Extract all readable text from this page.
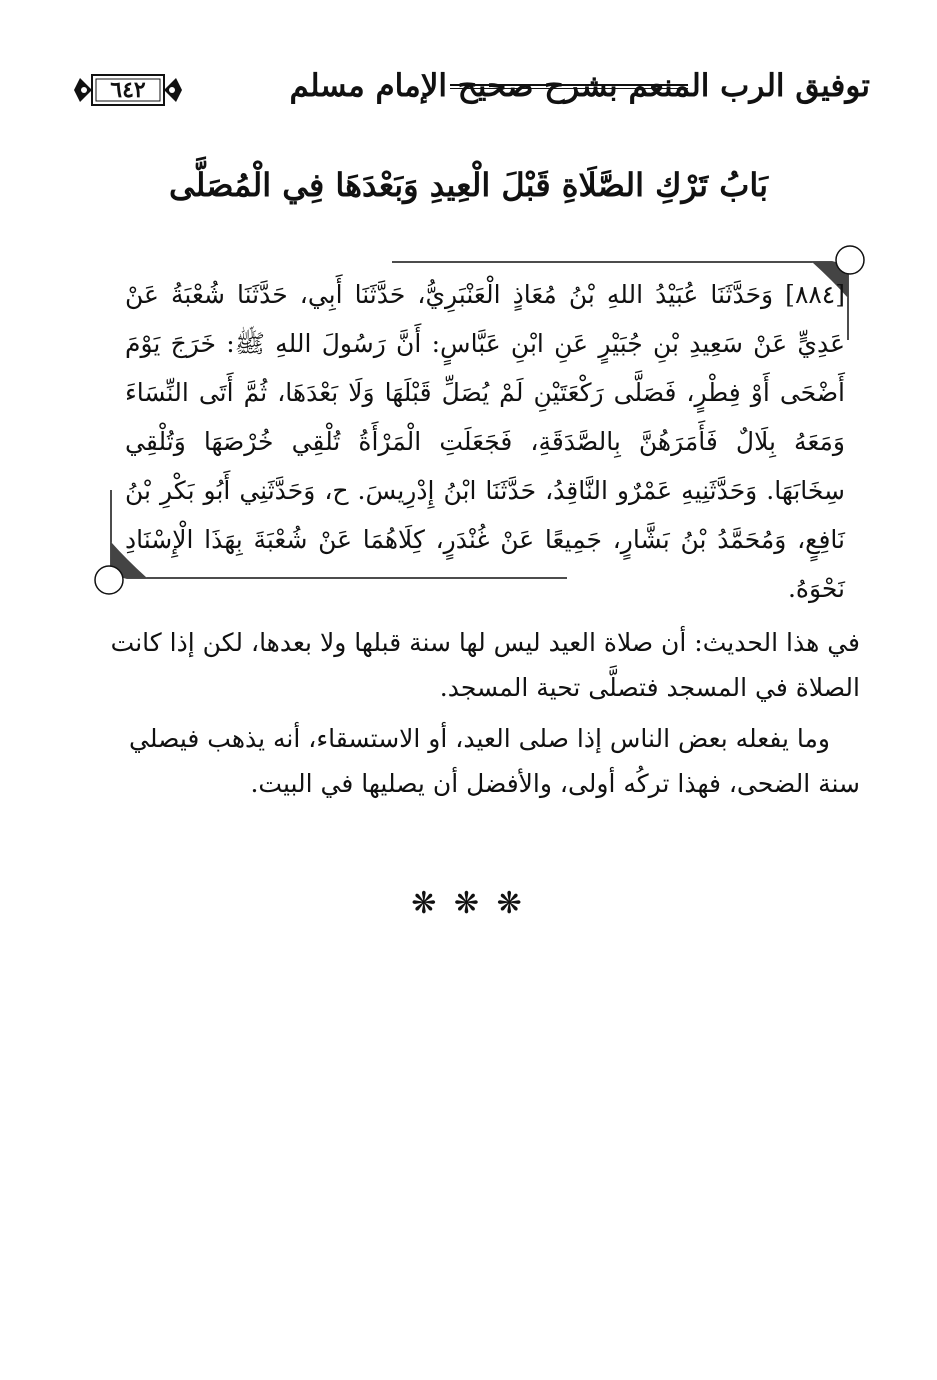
توفيق الرب المنعم بشرح صحيح الإمام مسلم
٦٤٢
بَابُ تَرْكِ الصَّلَاةِ قَبْلَ الْعِيدِ وَبَعْدَهَا فِي الْمُصَلَّى
[٨٨٤] وَحَدَّثَنَا عُبَيْدُ اللهِ بْنُ مُعَاذٍ الْعَنْبَرِيُّ، حَدَّثَنَا أَبِي، حَدَّثَنَا شُعْبَةُ عَنْ عَدِيٍّ عَنْ سَعِيدِ بْنِ جُبَيْرٍ عَنِ ابْنِ عَبَّاسٍ: أَنَّ رَسُولَ اللهِ ﷺ: خَرَجَ يَوْمَ أَضْحَى أَوْ فِطْرٍ، فَصَلَّى رَكْعَتَيْنِ لَمْ يُصَلِّ قَبْلَهَا وَلَا بَعْدَهَا، ثُمَّ أَتَى النِّسَاءَ وَمَعَهُ بِلَالٌ فَأَمَرَهُنَّ بِالصَّدَقَةِ، فَجَعَلَتِ الْمَرْأَةُ تُلْقِي خُرْصَهَا وَتُلْقِي سِخَابَهَا. وَحَدَّثَنِيهِ عَمْرٌو النَّاقِدُ، حَدَّثَنَا ابْنُ إِدْرِيسَ. ح، وَحَدَّثَنِي أَبُو بَكْرِ بْنُ نَافِعٍ، وَمُحَمَّدُ بْنُ بَشَّارٍ، جَمِيعًا عَنْ غُنْدَرٍ، كِلَاهُمَا عَنْ شُعْبَةَ بِهَذَا الْإِسْنَادِ نَحْوَهُ.

في هذا الحديث: أن صلاة العيد ليس لها سنة قبلها ولا بعدها، لكن إذا كانت الصلاة في المسجد فتصلَّى تحية المسجد.

وما يفعله بعض الناس إذا صلى العيد، أو الاستسقاء، أنه يذهب فيصلي سنة الضحى، فهذا تركُه أولى، والأفضل أن يصليها في البيت.

❋ ❋ ❋
